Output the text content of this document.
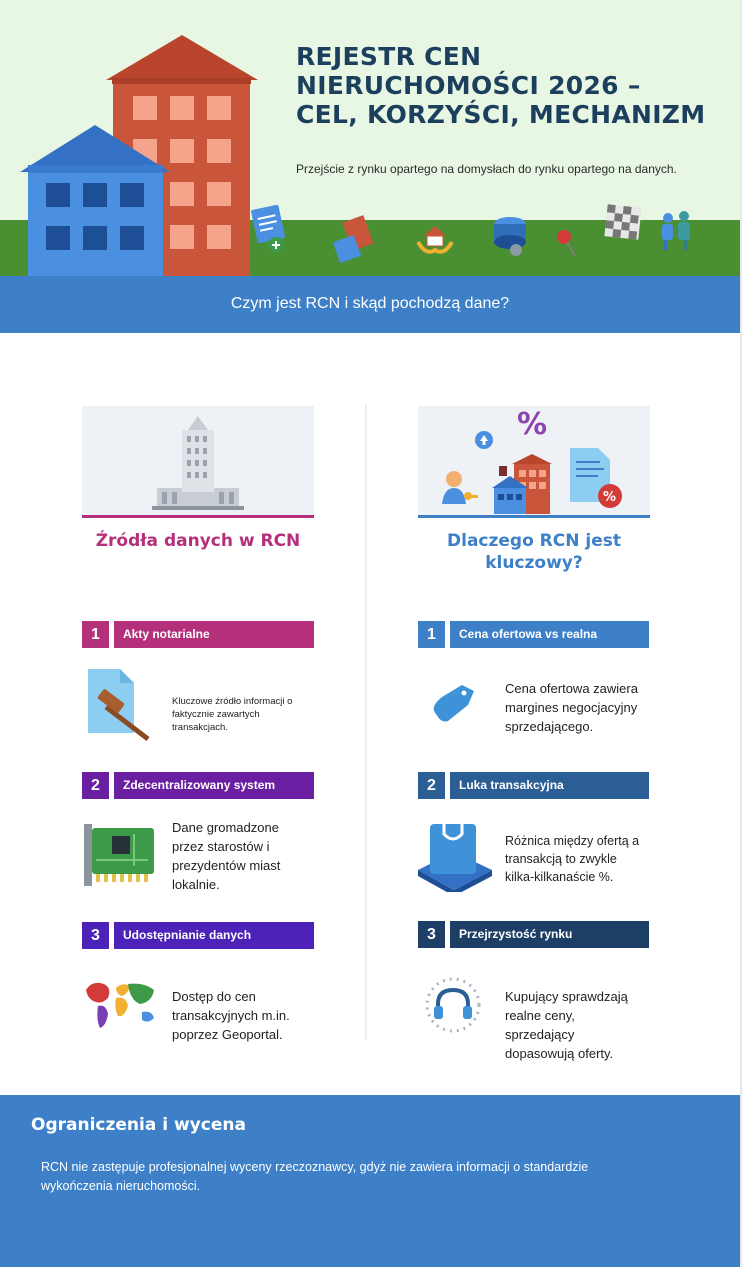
REJESTR CEN
NIERUCHOMOŚCI 2026 –
CEL, KORZYŚCI, MECHANIZM

Przejście z rynku opartego na domysłach do rynku opartego na danych.

Czym jest RCN i skąd pochodzą dane?
Źródła danych w RCN
1	Akty notarialne

Kluczowe źródło informacji o faktycznie zawartych transakcjach.

2	Zdecentralizowany system

Dane gromadzone przez starostów i prezydentów miast lokalnie.

3	Udostępnianie danych

Dostęp do cen transakcyjnych m.in. poprzez Geoportal.

%
%
Dlaczego RCN jest kluczowy?
1	Cena ofertowa vs realna

Cena ofertowa zawiera margines negocjacyjny sprzedającego.

2	Luka transakcyjna

Różnica między ofertą a transakcją to zwykle kilka-kilkanaście %.

3	Przejrzystość rynku

Kupujący sprawdzają realne ceny, sprzedający dopasowują oferty.

Ograniczenia i wycena

RCN nie zastępuje profesjonalnej wyceny rzeczoznawcy, gdyż nie zawiera informacji o standardzie wykończenia nieruchomości.
